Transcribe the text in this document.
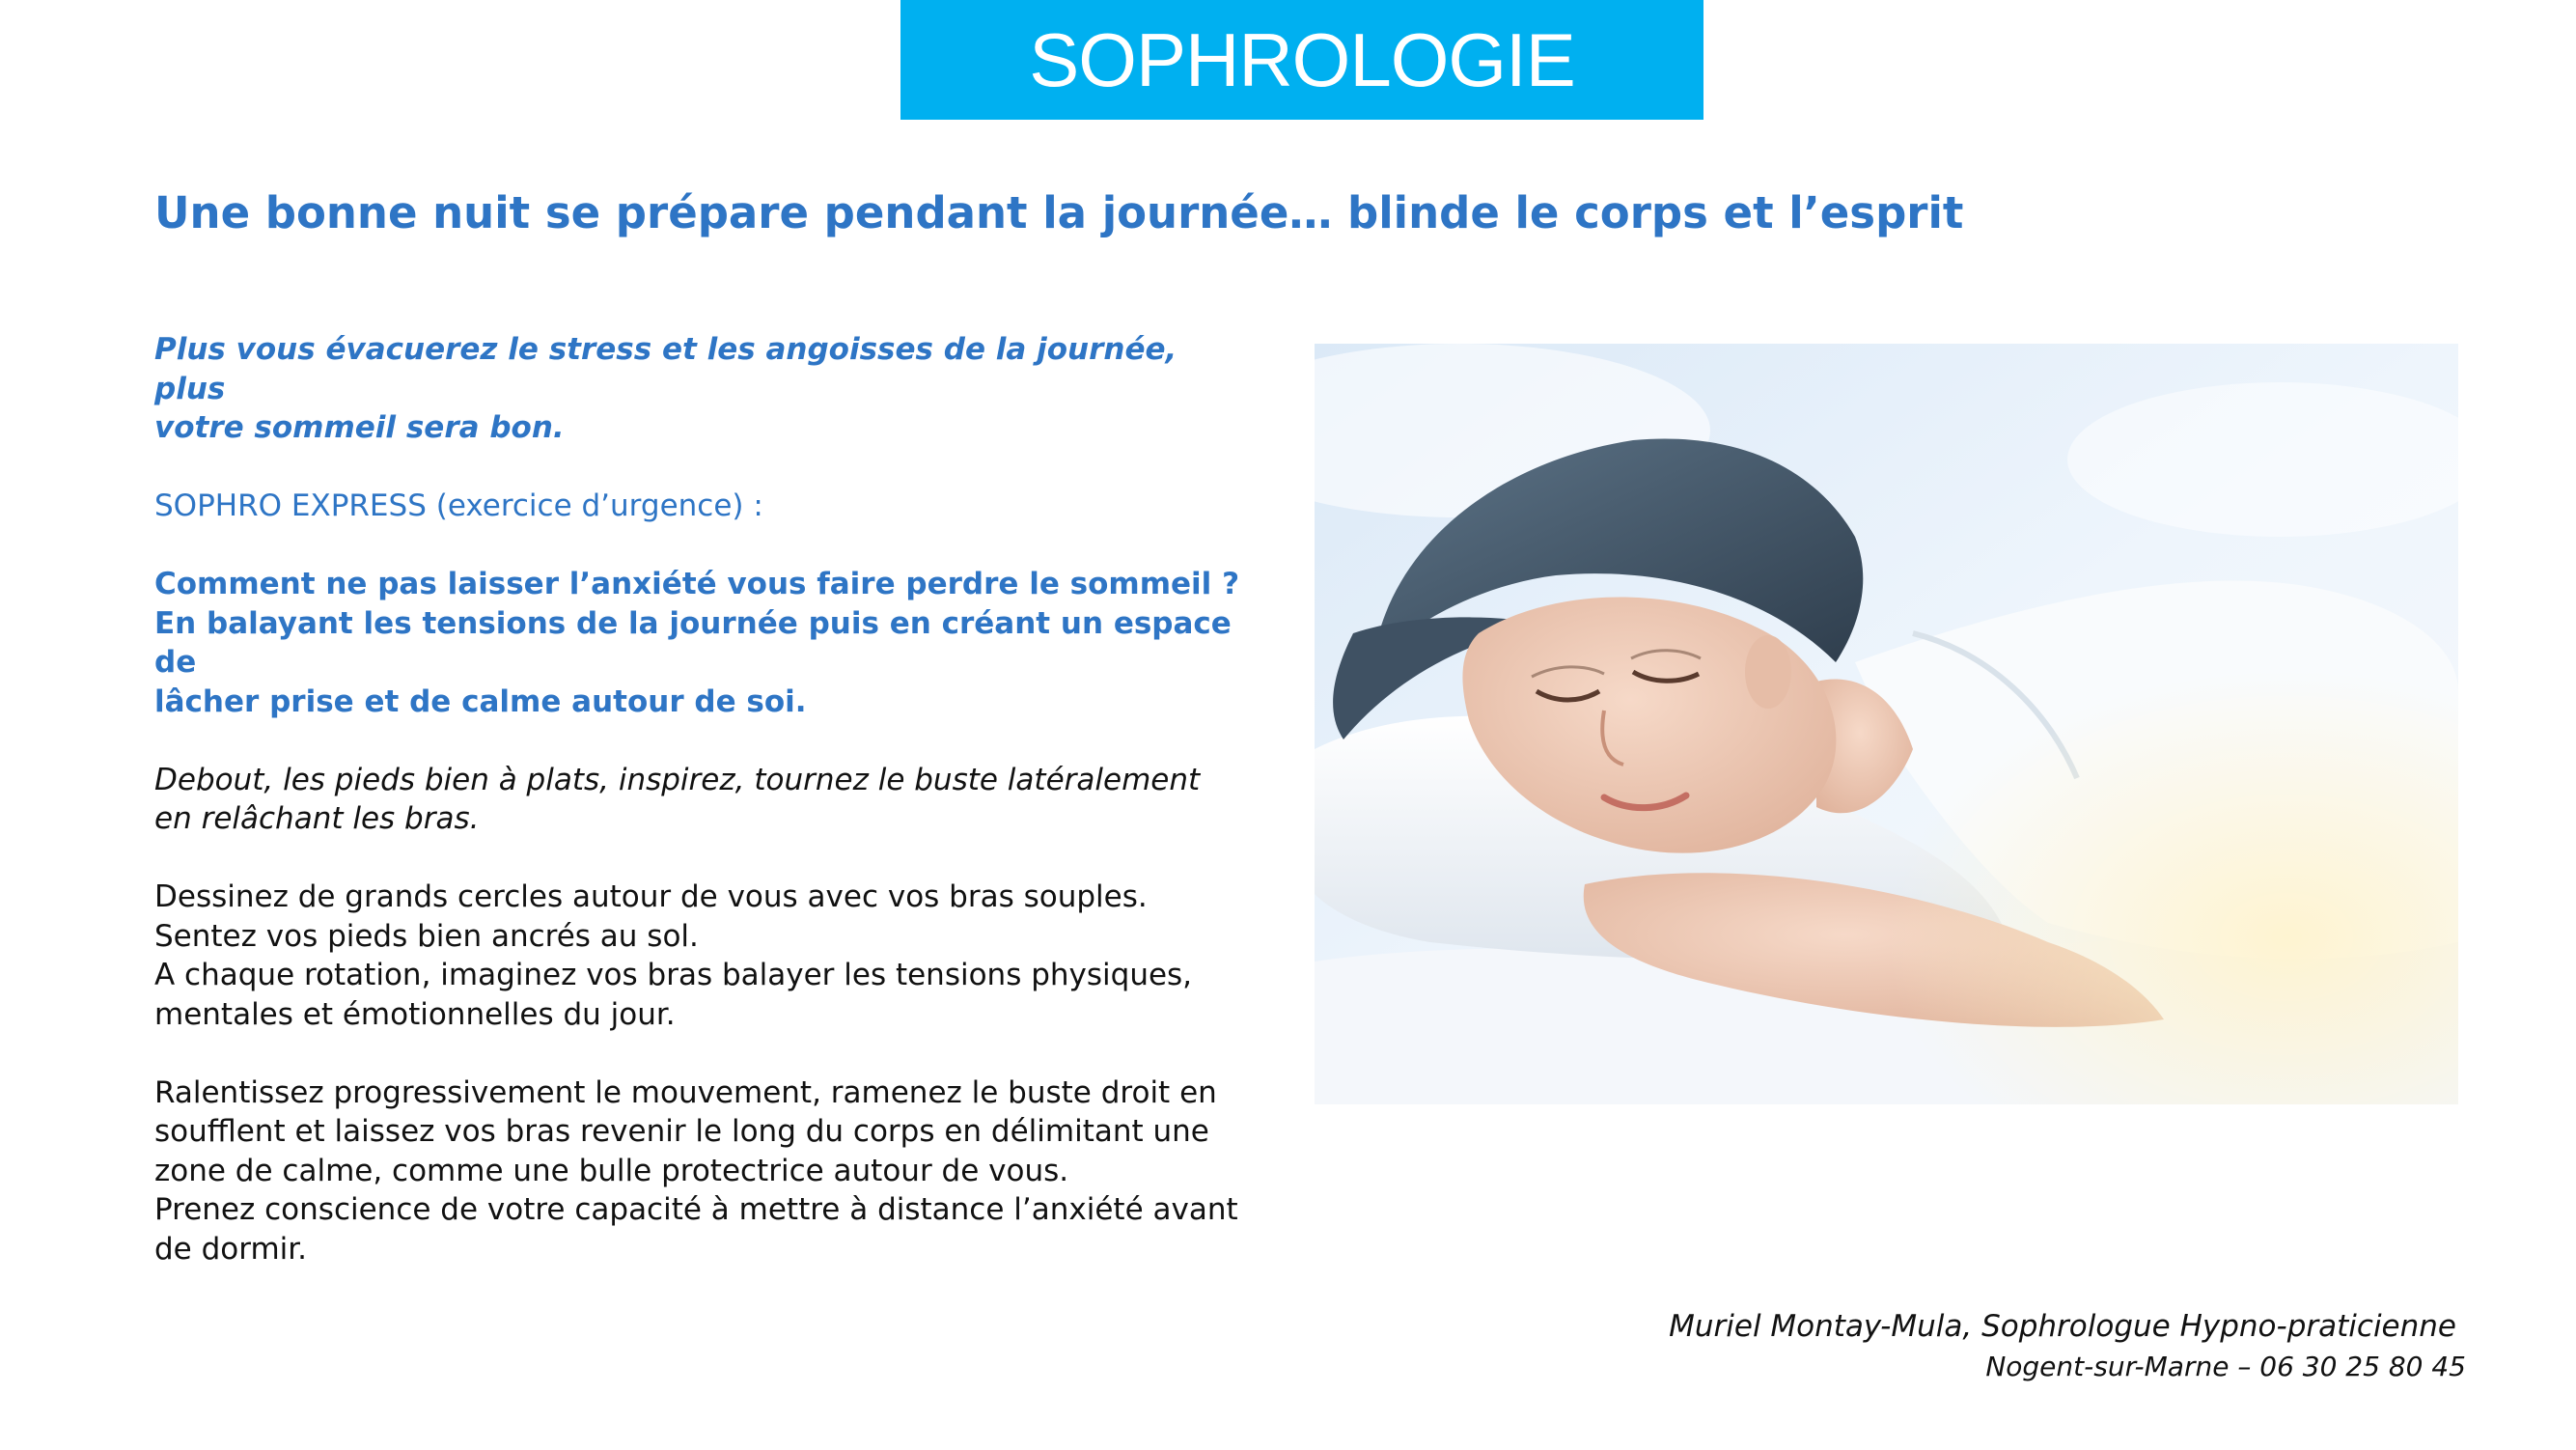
SOPHROLOGIE
Une bonne nuit se prépare pendant la journée… blinde le corps et l’esprit

Plus vous évacuerez le stress et les angoisses de la journée, plus
votre sommeil sera bon.

SOPHRO EXPRESS (exercice d’urgence) :

Comment ne pas laisser l’anxiété vous faire perdre le sommeil ?
En balayant les tensions de la journée puis en créant un espace de
lâcher prise et de calme autour de soi.

Debout, les pieds bien à plats, inspirez, tournez le buste latéralement
en relâchant les bras.

Dessinez de grands cercles autour de vous avec vos bras souples.
Sentez vos pieds bien ancrés au sol.
A chaque rotation, imaginez vos bras balayer les tensions physiques,
mentales et émotionnelles du jour.

Ralentissez progressivement le mouvement, ramenez le buste droit en
soufflent et laissez vos bras revenir le long du corps en délimitant une
zone de calme, comme une bulle protectrice autour de vous.
Prenez conscience de votre capacité à mettre à distance l’anxiété avant
de dormir.

Muriel Montay-Mula, Sophrologue Hypno-praticienne
Nogent-sur-Marne – 06 30 25 80 45
